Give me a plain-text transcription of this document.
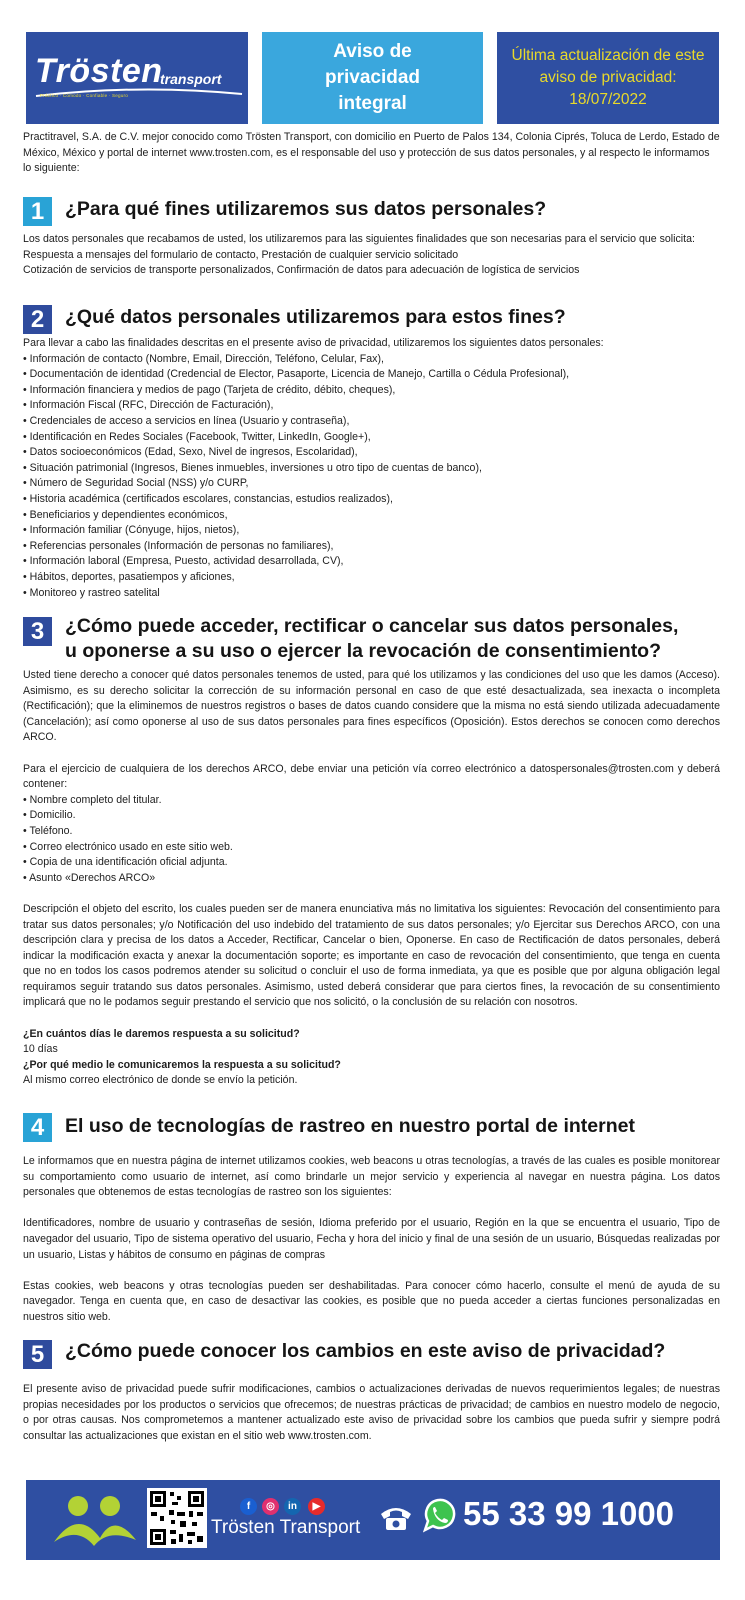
Trösten
transport
Práctico · Cómodo · Confiable · Seguro
Aviso de privacidad integral
Última actualización de este aviso de privacidad: 18/07/2022

Practitravel, S.A. de C.V. mejor conocido como Trösten Transport, con domicilio en Puerto de Palos 134, Colonia Ciprés, Toluca de Lerdo, Estado de México, México y portal de internet www.trosten.com, es el responsable del uso y protección de sus datos personales, y al respecto le informamos lo siguiente:

1	¿Para qué fines utilizaremos sus datos personales?

Los datos personales que recabamos de usted, los utilizaremos para las siguientes finalidades que son necesarias para el servicio que solicita:

Respuesta a mensajes del formulario de contacto, Prestación de cualquier servicio solicitado

Cotización de servicios de transporte personalizados, Confirmación de datos para adecuación de logística de servicios

2	¿Qué datos personales utilizaremos para estos fines?

Para llevar a cabo las finalidades descritas en el presente aviso de privacidad, utilizaremos los siguientes datos personales:

• Información de contacto (Nombre, Email, Dirección, Teléfono, Celular, Fax),

• Documentación de identidad (Credencial de Elector, Pasaporte, Licencia de Manejo, Cartilla o Cédula Profesional),

• Información financiera y medios de pago (Tarjeta de crédito, débito, cheques),

• Información Fiscal (RFC, Dirección de Facturación),

• Credenciales de acceso a servicios en línea (Usuario y contraseña),

• Identificación en Redes Sociales (Facebook, Twitter, LinkedIn, Google+),

• Datos socioeconómicos (Edad, Sexo, Nivel de ingresos, Escolaridad),

• Situación patrimonial (Ingresos, Bienes inmuebles, inversiones u otro tipo de cuentas de banco),

• Número de Seguridad Social (NSS) y/o CURP,

• Historia académica (certificados escolares, constancias, estudios realizados),

• Beneficiarios y dependientes económicos,

• Información familiar (Cónyuge, hijos, nietos),

• Referencias personales (Información de personas no familiares),

• Información laboral (Empresa, Puesto, actividad desarrollada, CV),

• Hábitos, deportes, pasatiempos y aficiones,

• Monitoreo y rastreo satelital

3	¿Cómo puede acceder, rectificar o cancelar sus datos personales,
u oponerse a su uso o ejercer la revocación de consentimiento?

Usted tiene derecho a conocer qué datos personales tenemos de usted, para qué los utilizamos y las condiciones del uso que les damos (Acceso). Asimismo, es su derecho solicitar la corrección de su información personal en caso de que esté desactualizada, sea inexacta o incompleta (Rectificación); que la eliminemos de nuestros registros o bases de datos cuando considere que la misma no está siendo utilizada adecuadamente (Cancelación); así como oponerse al uso de sus datos personales para fines específicos (Oposición). Estos derechos se conocen como derechos ARCO.

Para el ejercicio de cualquiera de los derechos ARCO, debe enviar una petición vía correo electrónico a datospersonales@trosten.com y deberá contener:

• Nombre completo del titular.

• Domicilio.

• Teléfono.

• Correo electrónico usado en este sitio web.

• Copia de una identificación oficial adjunta.

• Asunto «Derechos ARCO»

Descripción el objeto del escrito, los cuales pueden ser de manera enunciativa más no limitativa los siguientes: Revocación del consentimiento para tratar sus datos personales; y/o Notificación del uso indebido del tratamiento de sus datos personales; y/o Ejercitar sus Derechos ARCO, con una descripción clara y precisa de los datos a Acceder, Rectificar, Cancelar o bien, Oponerse. En caso de Rectificación de datos personales, deberá indicar la modificación exacta y anexar la documentación soporte; es importante en caso de revocación del consentimiento, que tenga en cuenta que no en todos los casos podremos atender su solicitud o concluir el uso de forma inmediata, ya que es posible que por alguna obligación legal requiramos seguir tratando sus datos personales. Asimismo, usted deberá considerar que para ciertos fines, la revocación de su consentimiento implicará que no le podamos seguir prestando el servicio que nos solicitó, o la conclusión de su relación con nosotros.

¿En cuántos días le daremos respuesta a su solicitud?

10 días

¿Por qué medio le comunicaremos la respuesta a su solicitud?

Al mismo correo electrónico de donde se envío la petición.

4	El uso de tecnologías de rastreo en nuestro portal de internet

Le informamos que en nuestra página de internet utilizamos cookies, web beacons u otras tecnologías, a través de las cuales es posible monitorear su comportamiento como usuario de internet, así como brindarle un mejor servicio y experiencia al navegar en nuestra página. Los datos personales que obtenemos de estas tecnologías de rastreo son los siguientes:

Identificadores, nombre de usuario y contraseñas de sesión, Idioma preferido por el usuario, Región en la que se encuentra el usuario, Tipo de navegador del usuario, Tipo de sistema operativo del usuario, Fecha y hora del inicio y final de una sesión de un usuario, Búsquedas realizadas por un usuario, Listas y hábitos de consumo en páginas de compras

Estas cookies, web beacons y otras tecnologías pueden ser deshabilitadas. Para conocer cómo hacerlo, consulte el menú de ayuda de su navegador. Tenga en cuenta que, en caso de desactivar las cookies, es posible que no pueda acceder a ciertas funciones personalizadas en nuestros sitio web.

5	¿Cómo puede conocer los cambios en este aviso de privacidad?

El presente aviso de privacidad puede sufrir modificaciones, cambios o actualizaciones derivadas de nuevos requerimientos legales; de nuestras propias necesidades por los productos o servicios que ofrecemos; de nuestras prácticas de privacidad; de cambios en nuestro modelo de negocio, o por otras causas. Nos comprometemos a mantener actualizado este aviso de privacidad sobre los cambios que pueda sufrir y siempre podrá consultar las actualizaciones que existan en el sitio web www.trosten.com.

f	◎	in	▶
Trösten Transport	55 33 99 1000
